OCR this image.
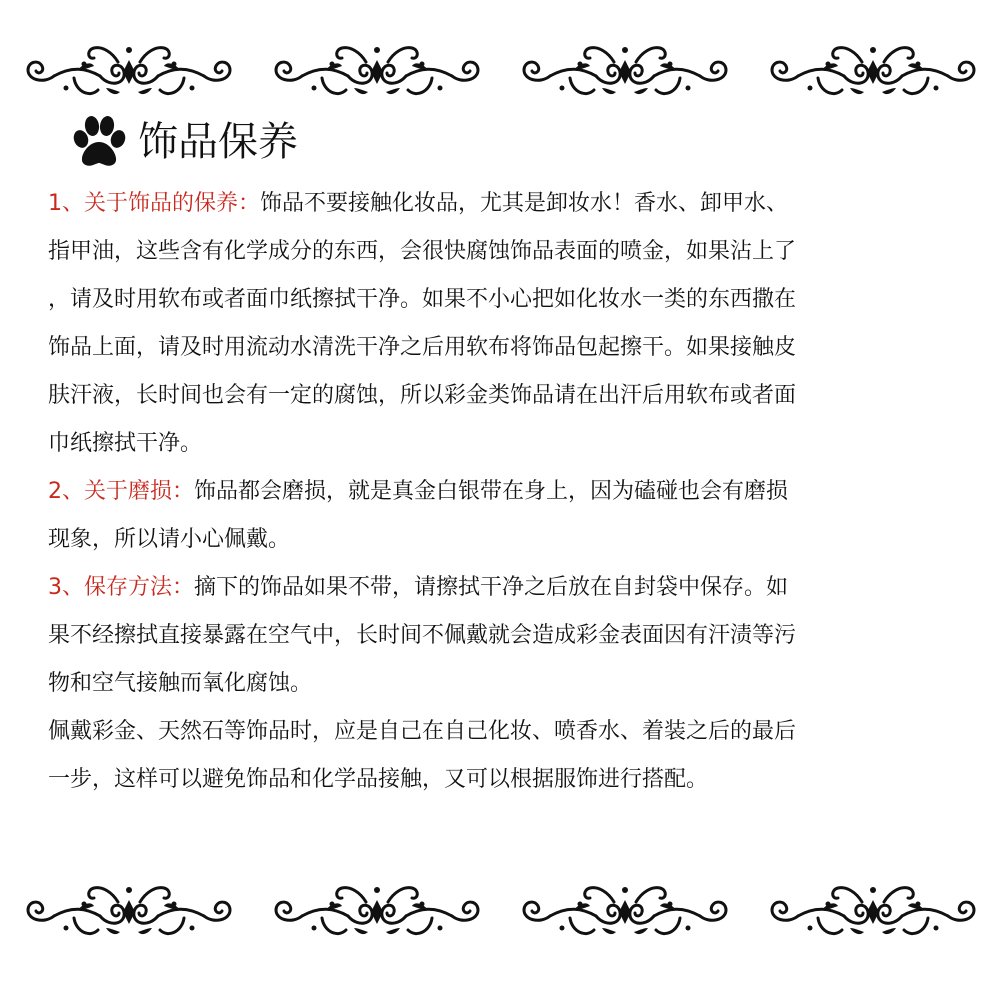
饰品保养

1、关于饰品的保养：饰品不要接触化妆品，尤其是卸妆水！香水、卸甲水、
指甲油，这些含有化学成分的东西，会很快腐蚀饰品表面的喷金，如果沾上了
，请及时用软布或者面巾纸擦拭干净。如果不小心把如化妆水一类的东西撒在
饰品上面，请及时用流动水清洗干净之后用软布将饰品包起擦干。如果接触皮
肤汗液，长时间也会有一定的腐蚀，所以彩金类饰品请在出汗后用软布或者面
巾纸擦拭干净。

2、关于磨损：饰品都会磨损，就是真金白银带在身上，因为磕碰也会有磨损
现象，所以请小心佩戴。

3、保存方法：摘下的饰品如果不带，请擦拭干净之后放在自封袋中保存。如
果不经擦拭直接暴露在空气中，长时间不佩戴就会造成彩金表面因有汗渍等污
物和空气接触而氧化腐蚀。

佩戴彩金、天然石等饰品时，应是自己在自己化妆、喷香水、着装之后的最后
一步，这样可以避免饰品和化学品接触，又可以根据服饰进行搭配。
